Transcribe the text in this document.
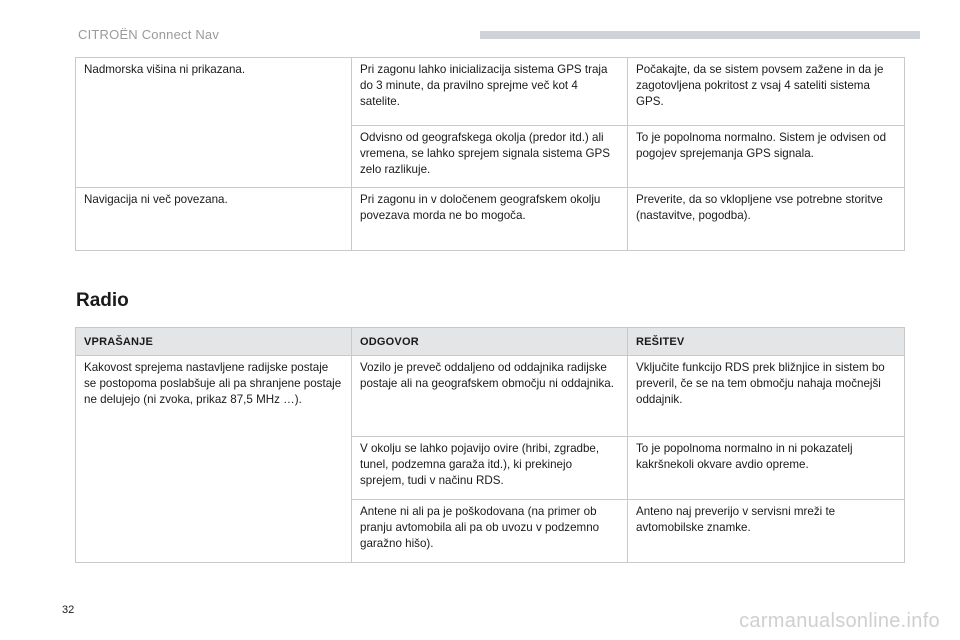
CITROËN Connect Nav
Nadmorska višina ni prikazana.	Pri zagonu lahko inicializacija sistema GPS traja do 3 minute, da pravilno sprejme več kot 4 satelite.	Počakajte, da se sistem povsem zažene in da je zagotovljena pokritost z vsaj 4 sateliti sistema GPS.
	Odvisno od geografskega okolja (predor itd.) ali vremena, se lahko sprejem signala sistema GPS zelo razlikuje.	To je popolnoma normalno. Sistem je odvisen od pogojev sprejemanja GPS signala.
Navigacija ni več povezana.	Pri zagonu in v določenem geografskem okolju povezava morda ne bo mogoča.	Preverite, da so vklopljene vse potrebne storitve (nastavitve, pogodba).
Radio
VPRAŠANJE	ODGOVOR	REŠITEV
Kakovost sprejema nastavljene radijske postaje se postopoma poslabšuje ali pa shranjene postaje ne delujejo (ni zvoka, prikaz 87,5 MHz …).	Vozilo je preveč oddaljeno od oddajnika radijske postaje ali na geografskem območju ni oddajnika.	Vključite funkcijo RDS prek bližnjice in sistem bo preveril, če se na tem območju nahaja močnejši oddajnik.
	V okolju se lahko pojavijo ovire (hribi, zgradbe, tunel, podzemna garaža itd.), ki prekinejo sprejem, tudi v načinu RDS.	To je popolnoma normalno in ni pokazatelj kakršnekoli okvare avdio opreme.
	Antene ni ali pa je poškodovana (na primer ob pranju avtomobila ali pa ob uvozu v podzemno garažno hišo).	Anteno naj preverijo v servisni mreži te avtomobilske znamke.
32	carmanualsonline.info
